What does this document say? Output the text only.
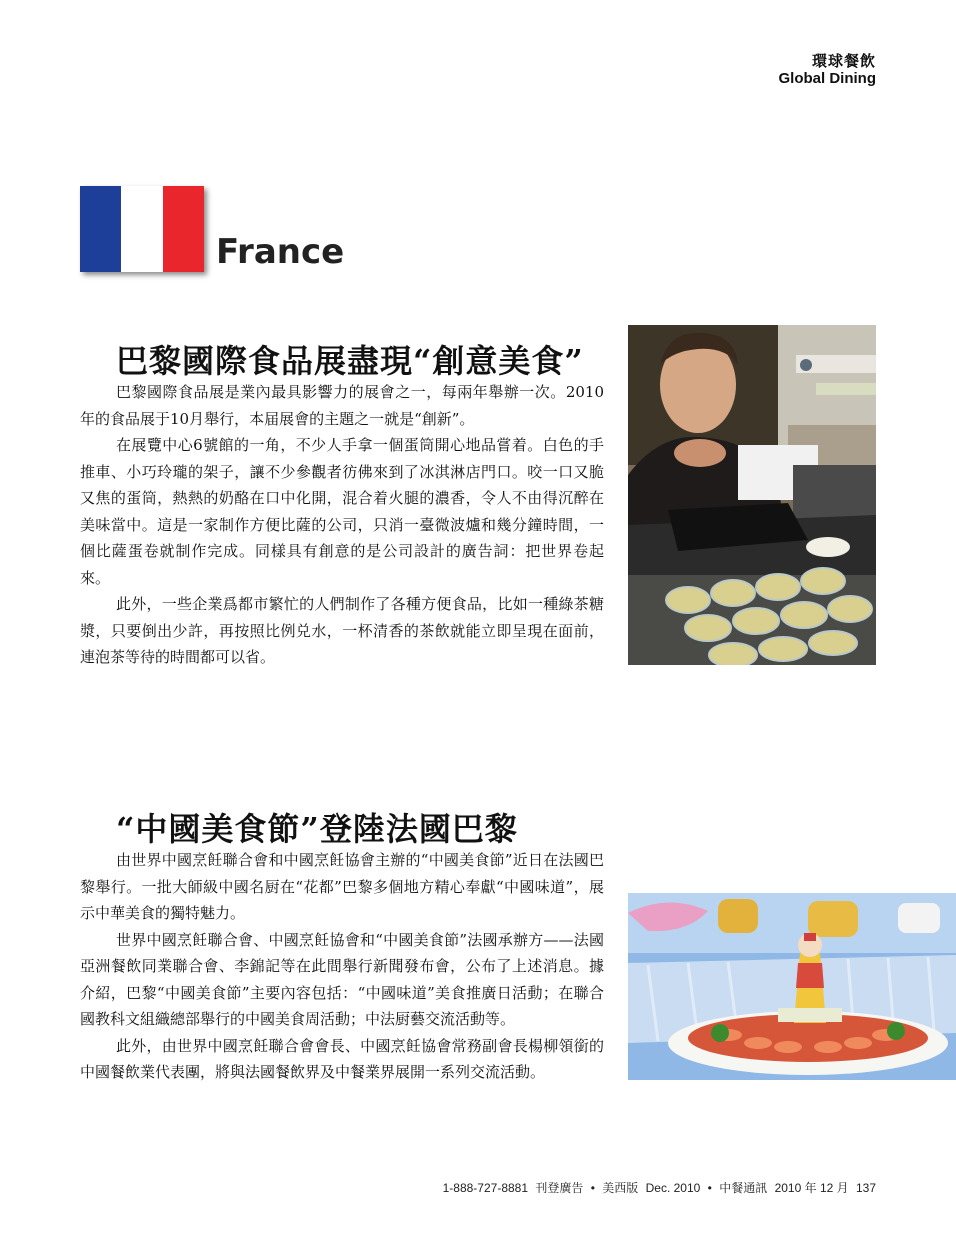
環球餐飲
Global Dining
France
巴黎國際食品展盡現“創意美食”

巴黎國際食品展是業內最具影響力的展會之一，每兩年舉辦一次。2010年的食品展于10月舉行，本届展會的主題之一就是“創新”。

在展覽中心6號館的一角，不少人手拿一個蛋筒開心地品嘗着。白色的手推車、小巧玲瓏的架子，讓不少參觀者彷佛來到了冰淇淋店門口。咬一口又脆又焦的蛋筒，熱熱的奶酪在口中化開，混合着火腿的濃香，令人不由得沉醉在美味當中。這是一家制作方便比薩的公司，只消一臺微波爐和幾分鐘時間，一個比薩蛋卷就制作完成。同樣具有創意的是公司設計的廣告詞：把世界卷起來。

此外，一些企業爲都市繁忙的人們制作了各種方便食品，比如一種綠茶糖漿，只要倒出少許，再按照比例兑水，一杯清香的茶飲就能立即呈現在面前，連泡茶等待的時間都可以省。

“中國美食節”登陸法國巴黎

由世界中國烹飪聯合會和中國烹飪協會主辦的“中國美食節”近日在法國巴黎舉行。一批大師級中國名厨在“花都”巴黎多個地方精心奉獻“中國味道”，展示中華美食的獨特魅力。

世界中國烹飪聯合會、中國烹飪協會和“中國美食節”法國承辦方——法國亞洲餐飲同業聯合會、李錦記等在此間舉行新聞發布會，公布了上述消息。據介紹，巴黎“中國美食節”主要內容包括：“中國味道”美食推廣日活動；在聯合國教科文組織總部舉行的中國美食周活動；中法厨藝交流活動等。

此外，由世界中國烹飪聯合會會長、中國烹飪協會常務副會長楊柳領銜的中國餐飲業代表團，將與法國餐飲界及中餐業界展開一系列交流活動。

1-888-727-8881 刊登廣告 • 美西版 Dec. 2010 • 中餐通訊 2010 年 12 月 137
